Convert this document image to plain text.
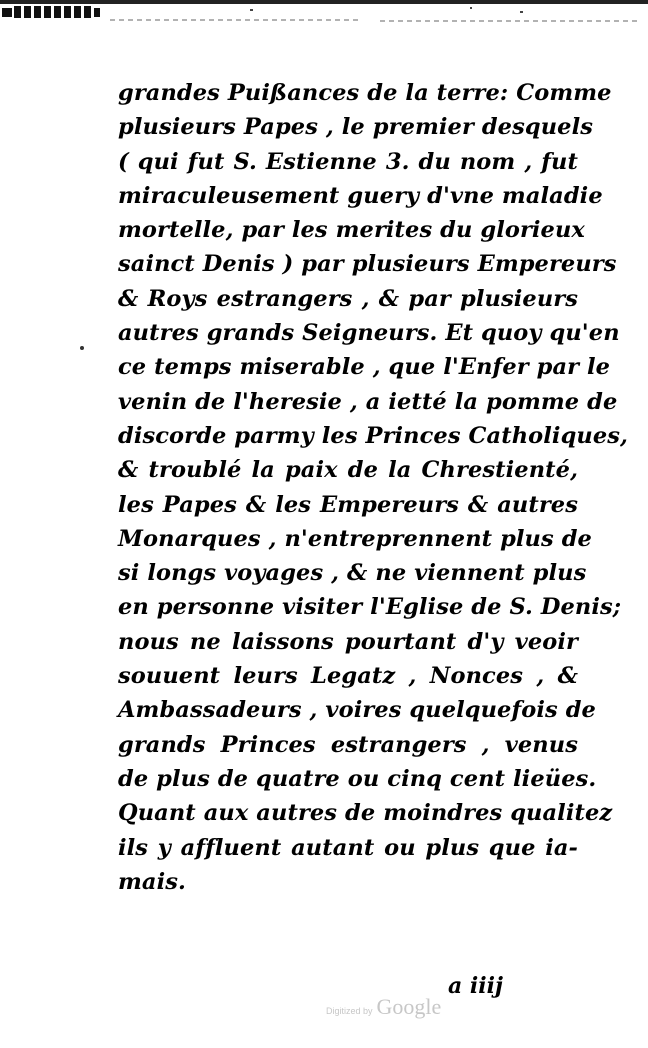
grandes Puißances de la terre: Comme
plusieurs Papes , le premier desquels
( qui fut S. Estienne 3. du nom , fut
miraculeusement guery d'vne maladie
mortelle, par les merites du glorieux
sainct Denis ) par plusieurs Empereurs
& Roys estrangers , & par plusieurs
autres grands Seigneurs. Et quoy qu'en
ce temps miserable , que l'Enfer par le
venin de l'heresie , a ietté la pomme de
discorde parmy les Princes Catholiques,
& troublé la paix de la Chrestienté,
les Papes & les Empereurs & autres
Monarques , n'entreprennent plus de
si longs voyages , & ne viennent plus
en personne visiter l'Eglise de S. Denis;
nous ne laissons pourtant d'y veoir
souuent leurs Legatz , Nonces , &
Ambassadeurs , voires quelquefois de
grands Princes estrangers , venus
de plus de quatre ou cinq cent lieües.
Quant aux autres de moindres qualitez
ils y affluent autant ou plus que ia-
mais.
Digitized by Google
a iiij
